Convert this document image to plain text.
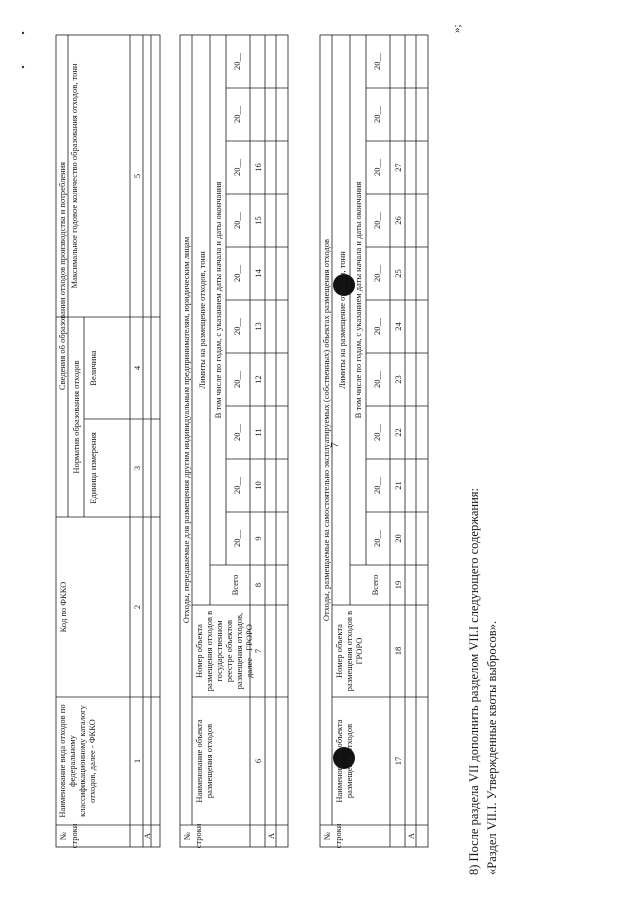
7
Сведения об образовании отходов производства и потребления
№ строки
Наименование вида отходов по федеральному классификационному каталогу отходов, далее - ФККО
Код по ФККО
Норматив образования отходов Единица измерения
Величина
Максимальное годовое количество образования отходов, тонн
1
2
3
4
5
А
Отходы, передаваемые для размещения другим индивидуальным предпринимателям, юридическим лицам
№ строки
Наименование объекта размещения отходов
Номер объекта размещения отходов в государственном реестре объектов размещения отходов, далее - ГРОРО
Лимиты на размещение отходов, тонн
Всего
В том числе по годам, с указанием даты начала и даты окончания
20__
20__
20__
20__
20__
20__
20__
20__
20__
20__
6
7
8
9
10
11
12
13
14
15
16
А
Отходы, размещаемые на самостоятельно эксплуатируемых (собственных) объектах размещения отходов
№ строки
Наименование объекта размещения отходов
Номер объекта размещения отходов в ГРОРО
Лимиты на размещение отходов, тонн
Всего
В том числе по годам, с указанием даты начала и даты окончания
20__
20__
20__
20__
20__
20__
20__
20__
20__
20__
17
18
19
20
21
22
23
24
25
26
27
А	8) После раздела VII дополнить разделом VII.I следующего содержания: «Раздел VII.I. Утвержденные квоты выбросов».
»;
